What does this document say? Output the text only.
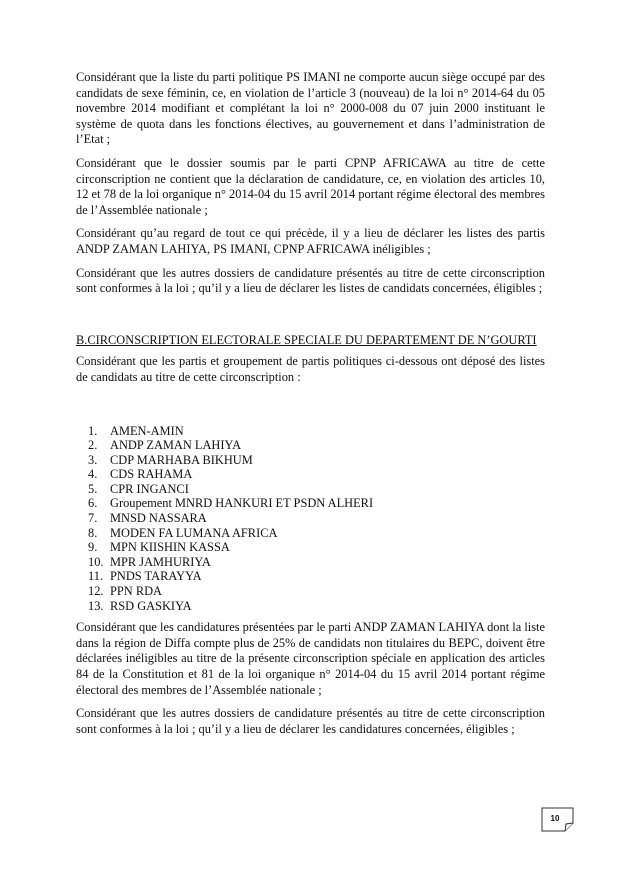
Considérant que la liste du parti politique PS IMANI ne comporte aucun siège occupé par des candidats de sexe féminin, ce, en violation de l’article 3 (nouveau) de la loi n° 2014-64 du 05 novembre 2014 modifiant et complétant la loi n° 2000-008 du 07 juin 2000 instituant le système de quota dans les fonctions électives, au gouvernement et dans l’administration de l’Etat ;

Considérant que le dossier soumis par le parti CPNP AFRICAWA au titre de cette circonscription ne contient que la déclaration de candidature, ce, en violation des articles 10, 12 et 78 de la loi organique n° 2014-04 du 15 avril 2014 portant régime électoral des membres de l’Assemblée nationale ;

Considérant qu’au regard de tout ce qui précède, il y a lieu de déclarer les listes des partis ANDP ZAMAN LAHIYA, PS IMANI, CPNP AFRICAWA inéligibles ;

Considérant que les autres dossiers de candidature présentés au titre de cette circonscription sont conformes à la loi ; qu’il y a lieu de déclarer les listes de candidats concernées, éligibles ;

B.CIRCONSCRIPTION ELECTORALE SPECIALE DU DEPARTEMENT DE N’GOURTI

Considérant que les partis et groupement de partis politiques ci-dessous ont déposé des listes de candidats au titre de cette circonscription :

1.	AMEN-AMIN
2.	ANDP ZAMAN LAHIYA
3.	CDP MARHABA BIKHUM
4.	CDS RAHAMA
5.	CPR INGANCI
6.	Groupement MNRD HANKURI ET PSDN ALHERI
7.	MNSD NASSARA
8.	MODEN FA LUMANA AFRICA
9.	MPN KIISHIN KASSA
10. MPR JAMHURIYA
11. PNDS TARAYYA
12. PPN RDA
13. RSD GASKIYA

Considérant que les candidatures présentées par le parti ANDP ZAMAN LAHIYA dont la liste dans la région de Diffa compte plus de 25% de candidats non titulaires du BEPC, doivent être déclarées inéligibles au titre de la présente circonscription spéciale en application des articles 84 de la Constitution et 81 de la loi organique n° 2014-04 du 15 avril 2014 portant régime électoral des membres de l’Assemblée nationale ;

Considérant que les autres dossiers de candidature présentés au titre de cette circonscription sont conformes à la loi ; qu’il y a lieu de déclarer les candidatures concernées, éligibles ;

10
